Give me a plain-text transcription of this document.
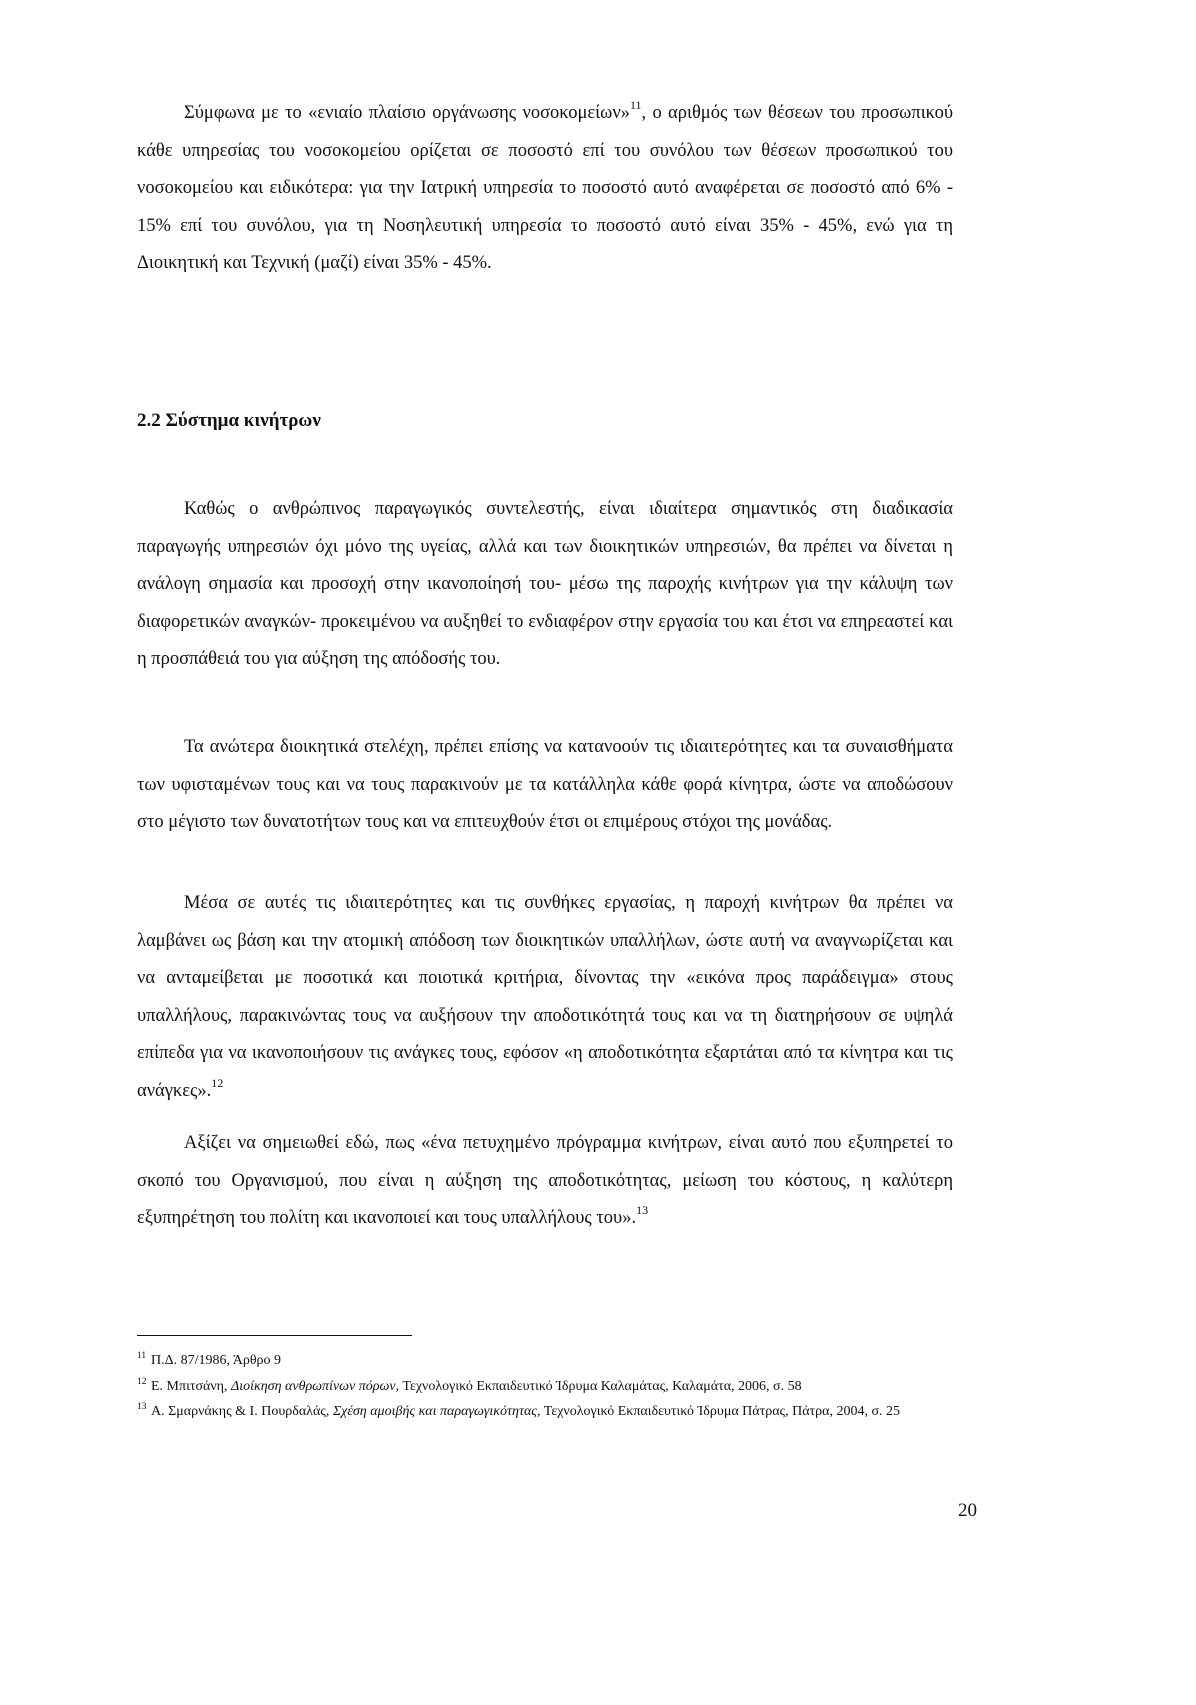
Σύμφωνα με το «ενιαίο πλαίσιο οργάνωσης νοσοκομείων»$^{11}$, ο αριθμός των θέσεων του προσωπικού κάθε υπηρεσίας του νοσοκομείου ορίζεται σε ποσοστό επί του συνόλου των θέσεων προσωπικού του νοσοκομείου και ειδικότερα: για την Ιατρική υπηρεσία το ποσοστό αυτό αναφέρεται σε ποσοστό από 6% - 15% επί του συνόλου, για τη Νοσηλευτική υπηρεσία το ποσοστό αυτό είναι 35% - 45%, ενώ για τη Διοικητική και Τεχνική (μαζί) είναι 35% - 45%.

2.2 Σύστημα κινήτρων

Καθώς ο ανθρώπινος παραγωγικός συντελεστής, είναι ιδιαίτερα σημαντικός στη διαδικασία παραγωγής υπηρεσιών όχι μόνο της υγείας, αλλά και των διοικητικών υπηρεσιών, θα πρέπει να δίνεται η ανάλογη σημασία και προσοχή στην ικανοποίησή του- μέσω της παροχής κινήτρων για την κάλυψη των διαφορετικών αναγκών- προκειμένου να αυξηθεί το ενδιαφέρον στην εργασία του και έτσι να επηρεαστεί και η προσπάθειά του για αύξηση της απόδοσής του.

Τα ανώτερα διοικητικά στελέχη, πρέπει επίσης να κατανοούν τις ιδιαιτερότητες και τα συναισθήματα των υφισταμένων τους και να τους παρακινούν με τα κατάλληλα κάθε φορά κίνητρα, ώστε να αποδώσουν στο μέγιστο των δυνατοτήτων τους και να επιτευχθούν έτσι οι επιμέρους στόχοι της μονάδας.

Μέσα σε αυτές τις ιδιαιτερότητες και τις συνθήκες εργασίας, η παροχή κινήτρων θα πρέπει να λαμβάνει ως βάση και την ατομική απόδοση των διοικητικών υπαλλήλων, ώστε αυτή να αναγνωρίζεται και να ανταμείβεται με ποσοτικά και ποιοτικά κριτήρια, δίνοντας την «εικόνα προς παράδειγμα» στους υπαλλήλους, παρακινώντας τους να αυξήσουν την αποδοτικότητά τους και να τη διατηρήσουν σε υψηλά επίπεδα για να ικανοποιήσουν τις ανάγκες τους, εφόσον «η αποδοτικότητα εξαρτάται από τα κίνητρα και τις ανάγκες».$^{12}$

Αξίζει να σημειωθεί εδώ, πως «ένα πετυχημένο πρόγραμμα κινήτρων, είναι αυτό που εξυπηρετεί το σκοπό του Οργανισμού, που είναι η αύξηση της αποδοτικότητας, μείωση του κόστους, η καλύτερη εξυπηρέτηση του πολίτη και ικανοποιεί και τους υπαλλήλους του».$^{13}$

11 Π.Δ. 87/1986, Άρθρο 9
12 Ε. Μπιτσάνη, Διοίκηση ανθρωπίνων πόρων, Τεχνολογικό Εκπαιδευτικό Ίδρυμα Καλαμάτας, Καλαμάτα, 2006, σ. 58
13 Α. Σμαρνάκης & Ι. Πουρδαλάς, Σχέση αμοιβής και παραγωγικότητας, Τεχνολογικό Εκπαιδευτικό Ίδρυμα Πάτρας, Πάτρα, 2004, σ. 25
20
